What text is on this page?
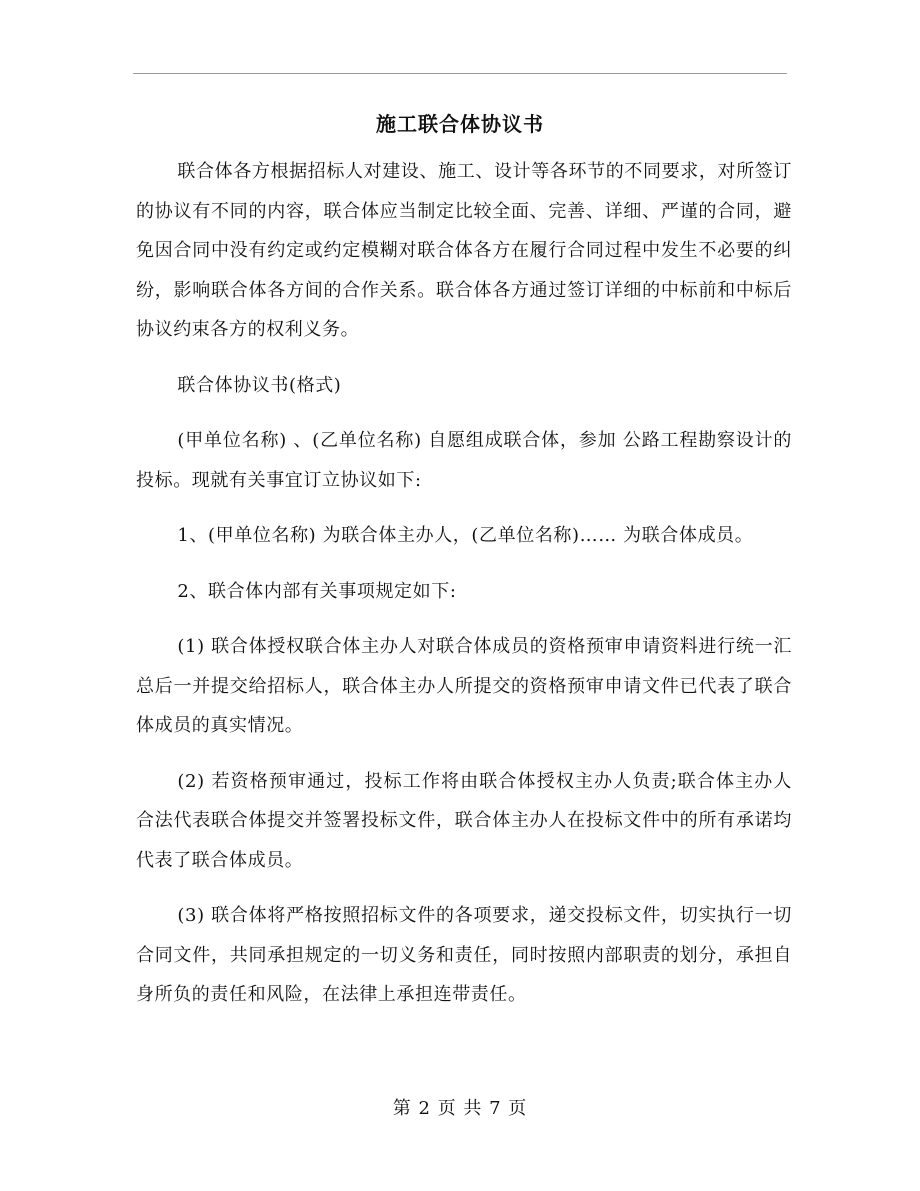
施工联合体协议书

联合体各方根据招标人对建设、施工、设计等各环节的不同要求，对所签订的协议有不同的内容，联合体应当制定比较全面、完善、详细、严谨的合同，避免因合同中没有约定或约定模糊对联合体各方在履行合同过程中发生不必要的纠纷，影响联合体各方间的合作关系。联合体各方通过签订详细的中标前和中标后协议约束各方的权利义务。

联合体协议书(格式)

(甲单位名称) 、(乙单位名称) 自愿组成联合体，参加 公路工程勘察设计的投标。现就有关事宜订立协议如下:

1、(甲单位名称) 为联合体主办人，(乙单位名称)…… 为联合体成员。

2、联合体内部有关事项规定如下:

(1) 联合体授权联合体主办人对联合体成员的资格预审申请资料进行统一汇总后一并提交给招标人，联合体主办人所提交的资格预审申请文件已代表了联合体成员的真实情况。

(2) 若资格预审通过，投标工作将由联合体授权主办人负责;联合体主办人合法代表联合体提交并签署投标文件，联合体主办人在投标文件中的所有承诺均代表了联合体成员。

(3) 联合体将严格按照招标文件的各项要求，递交投标文件，切实执行一切合同文件，共同承担规定的一切义务和责任，同时按照内部职责的划分，承担自身所负的责任和风险，在法律上承担连带责任。

第 2 页 共 7 页
